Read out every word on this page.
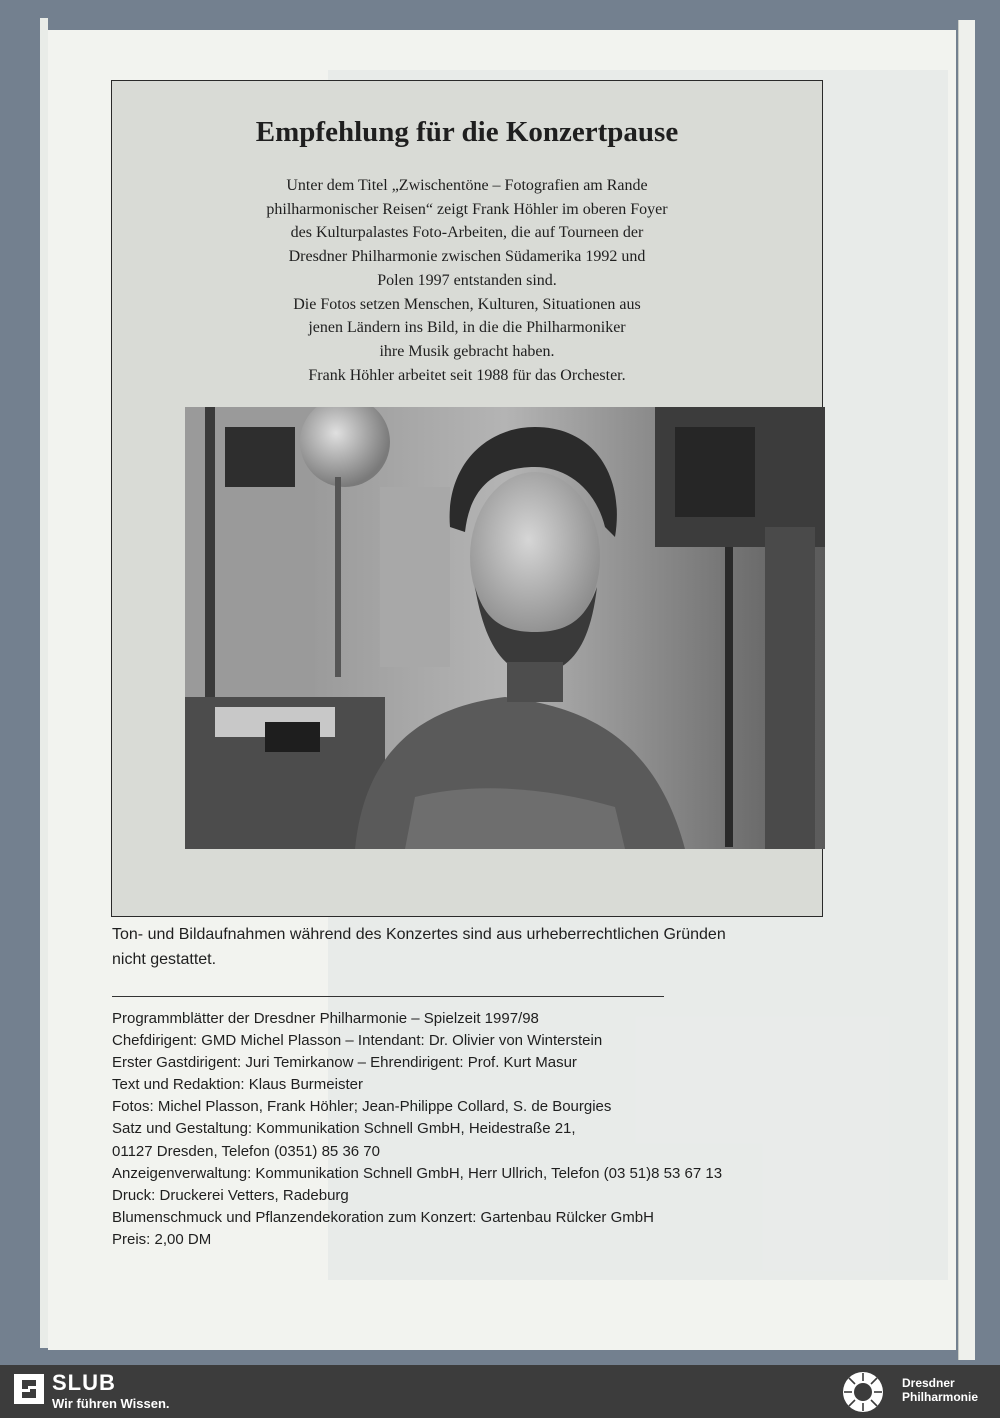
Empfehlung für die Konzertpause
Unter dem Titel „Zwischentöne – Fotografien am Rande
philharmonischer Reisen“ zeigt Frank Höhler im oberen Foyer
des Kulturpalastes Foto-Arbeiten, die auf Tourneen der
Dresdner Philharmonie zwischen Südamerika 1992 und
Polen 1997 entstanden sind.
Die Fotos setzen Menschen, Kulturen, Situationen aus
jenen Ländern ins Bild, in die die Philharmoniker
ihre Musik gebracht haben.
Frank Höhler arbeitet seit 1988 für das Orchester.
Ton- und Bildaufnahmen während des Konzertes sind aus urheberrechtlichen Gründen
nicht gestattet.
Programmblätter der Dresdner Philharmonie – Spielzeit 1997/98
Chefdirigent: GMD Michel Plasson – Intendant: Dr. Olivier von Winterstein
Erster Gastdirigent: Juri Temirkanow – Ehrendirigent: Prof. Kurt Masur
Text und Redaktion: Klaus Burmeister
Fotos: Michel Plasson, Frank Höhler; Jean-Philippe Collard, S. de Bourgies
Satz und Gestaltung: Kommunikation Schnell GmbH, Heidestraße 21,
01127 Dresden, Telefon (0351) 85 36 70
Anzeigenverwaltung: Kommunikation Schnell GmbH, Herr Ullrich, Telefon (03 51)8 53 67 13
Druck: Druckerei Vetters, Radeburg
Blumenschmuck und Pflanzendekoration zum Konzert: Gartenbau Rülcker GmbH
Preis: 2,00 DM
SLUB
Wir führen Wissen.
Dresdner
Philharmonie
